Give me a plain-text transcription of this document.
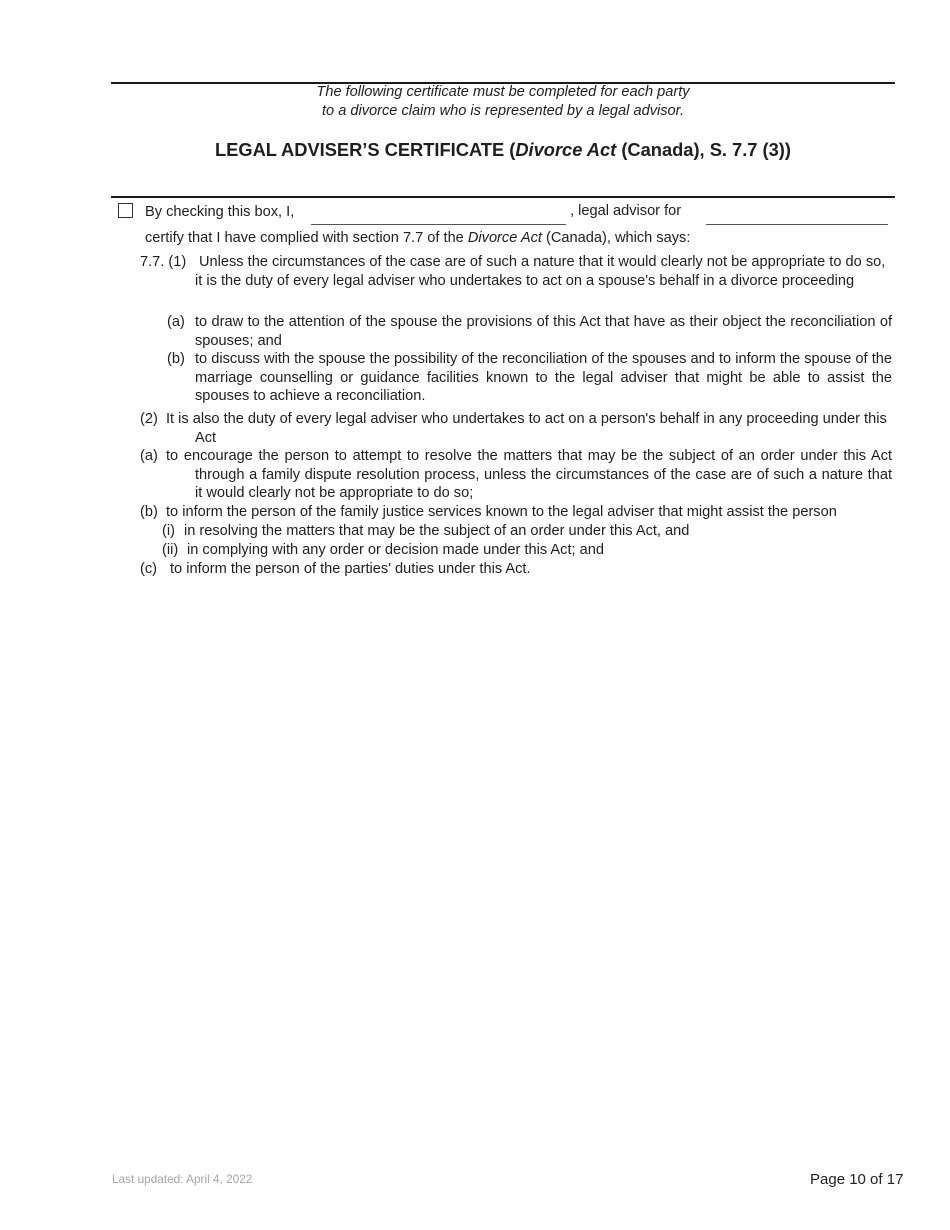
The following certificate must be completed for each party
to a divorce claim who is represented by a legal advisor.
LEGAL ADVISER’S CERTIFICATE (Divorce Act (Canada), S. 7.7 (3))
By checking this box, I,	, legal advisor for
certify that I have complied with section 7.7 of the Divorce Act (Canada), which says:
7.7. (1) Unless the circumstances of the case are of such a nature that it would clearly not be appropriate to do so, it is the duty of every legal adviser who undertakes to act on a spouse's behalf in a divorce proceeding
(a) to draw to the attention of the spouse the provisions of this Act that have as their object the reconciliation of spouses; and
(b) to discuss with the spouse the possibility of the reconciliation of the spouses and to inform the spouse of the marriage counselling or guidance facilities known to the legal adviser that might be able to assist the spouses to achieve a reconciliation.
(2) It is also the duty of every legal adviser who undertakes to act on a person's behalf in any proceeding under this Act
(a) to encourage the person to attempt to resolve the matters that may be the subject of an order under this Act through a family dispute resolution process, unless the circumstances of the case are of such a nature that it would clearly not be appropriate to do so;
(b) to inform the person of the family justice services known to the legal adviser that might assist the person
(i) in resolving the matters that may be the subject of an order under this Act, and
(ii) in complying with any order or decision made under this Act; and
(c) to inform the person of the parties' duties under this Act.
Last updated: April 4, 2022	Page 10 of 17
